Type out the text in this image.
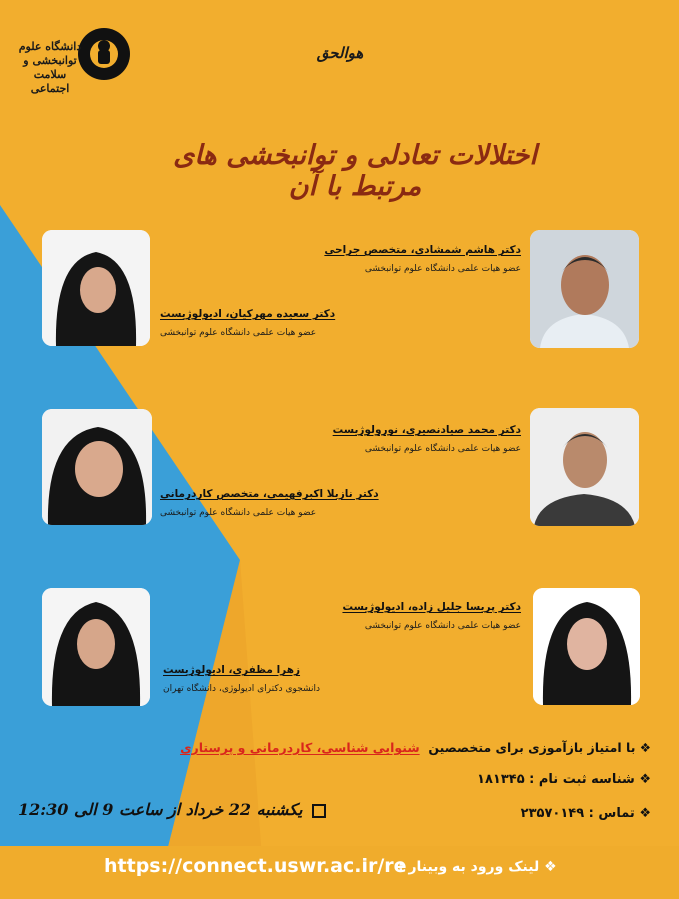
دانشگاه علوم توانبخشی و سلامت اجتماعی
هوالحق
اختلالات تعادلی و توانبخشی های مرتبط با آن
دکتر هاشم شمشادی، متخصص جراحی
عضو هیات علمی دانشگاه علوم توانبخشی
دکتر سعیده مهرکیان، ادیولوژیست
عضو هیات علمی دانشگاه علوم توانبخشی
دکتر محمد صیادنصیری، نورولوژیست
عضو هیات علمی دانشگاه علوم توانبخشی
دکتر نازیلا اکبرفهیمی، متخصص کاردرمانی
عضو هیات علمی دانشگاه علوم توانبخشی
دکتر پریسا جلیل زاده، ادیولوژیست
عضو هیات علمی دانشگاه علوم توانبخشی
زهرا مظفری، ادیولوژیست
دانشجوی دکترای ادیولوژی، دانشگاه تهران
❖ با امتیاز بازآموزی برای متخصصین  شنوایی شناسی، کاردرمانی و پرستاری
❖ شناسه ثبت نام : ۱۸۱۳۴۵
❖ تماس : ۲۳۵۷۰۱۴۹
یکشنبه 22 خرداد از ساعت 9 الی 12:30
❖ لینک ورود به وبینار :
https://connect.uswr.ac.ir/re
